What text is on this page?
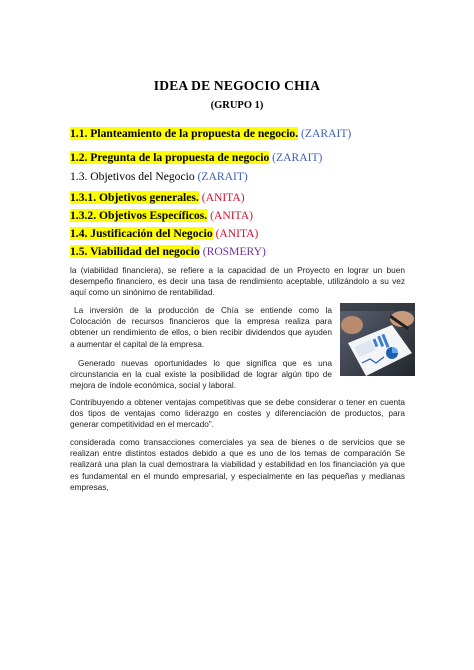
IDEA DE NEGOCIO CHIA
(GRUPO 1)
1.1. Planteamiento de la propuesta de negocio. (ZARAIT)
1.2. Pregunta de la propuesta de negocio (ZARAIT)
1.3. Objetivos del Negocio (ZARAIT)
1.3.1. Objetivos generales. (ANITA)
1.3.2. Objetivos Específicos. (ANITA)
1.4. Justificación del Negocio (ANITA)
1.5. Viabilidad del negocio (ROSMERY)
la (viabilidad financiera), se refiere a la capacidad de un Proyecto en lograr un buen desempeño financiero, es decir una tasa de rendimiento aceptable, utilizándolo a su vez aquí como un sinónimo de rentabilidad.
La inversión de la producción de Chía se entiende como la Colocación de recursos financieros que la empresa realiza para obtener un rendimiento de ellos, o bien recibir dividendos que ayuden a aumentar el capital de la empresa.
Generado nuevas oportunidades lo que significa que es una circunstancia en la cual existe la posibilidad de lograr algún tipo de mejora de índole económica, social y laboral.
Contribuyendo a obtener ventajas competitivas que se debe considerar o tener en cuenta dos tipos de ventajas como liderazgo en costes y diferenciación de productos, para generar competitividad en el mercado”.
considerada como transacciones comerciales ya sea de bienes o de servicios que se realizan entre distintos estados debido a que es uno de los temas de comparación Se realizará una plan la cual demostrara la viabilidad y estabilidad en los financiación ya que es fundamental en el mundo empresarial, y especialmente en las pequeñas y medianas empresas,
